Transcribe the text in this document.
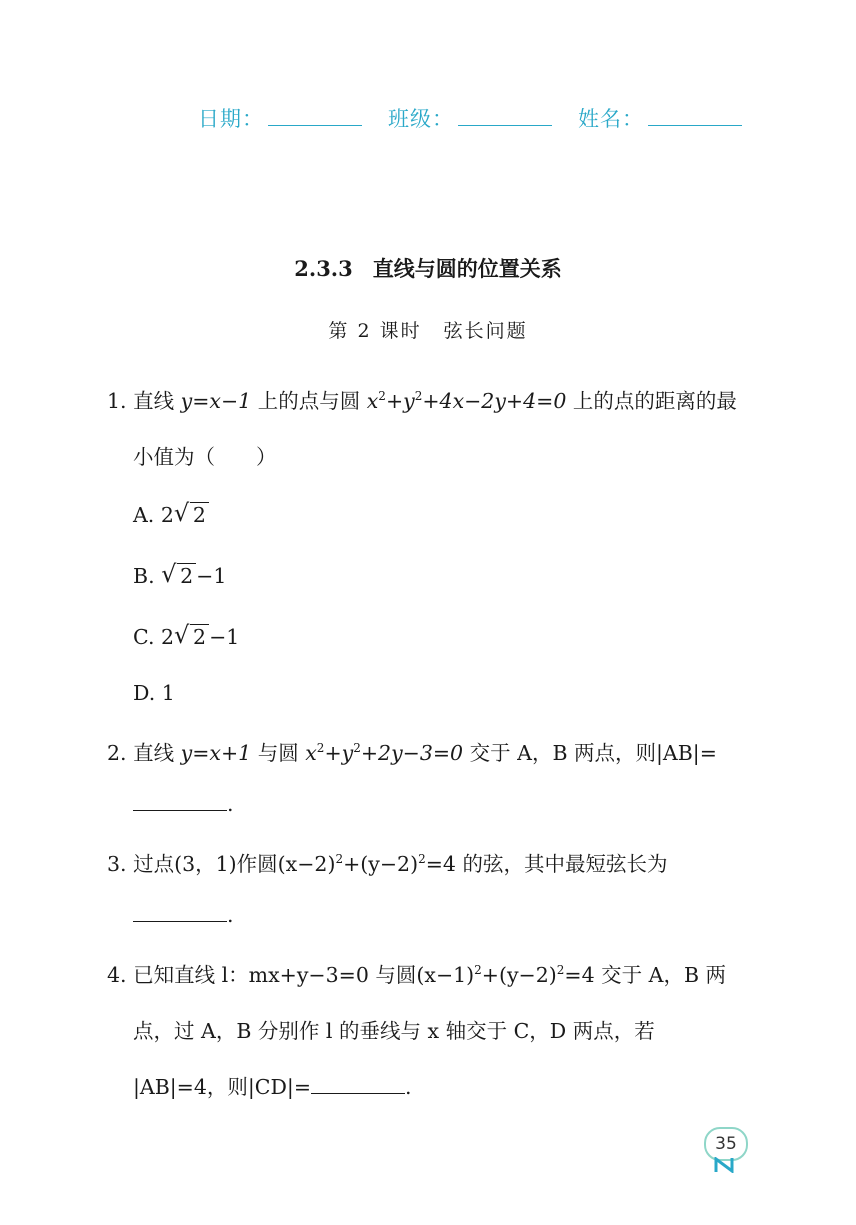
日期：	班级：	姓名：
2.3.3 直线与圆的位置关系
第 2 课时 弦长问题
1. 直线 y=x−1 上的点与圆 $x^2+y^2+4x-2y+4=0$ 上的点的距离的最
小值为（　　）
A. 2 √ 2
B. √ 2 −1
C. 2 √ 2 −1
D. 1
2. 直线 y=x+1 与圆 $x^2+y^2+2y-3=0$ 交于 A，B 两点，则|AB|=
.
3. 过点(3，1)作圆$(x-2)^2+(y-2)^2=4$ 的弦，其中最短弦长为
.
4. 已知直线 l：mx+y−3=0 与圆$(x-1)^2+(y-2)^2=4$ 交于 A，B 两
点，过 A，B 分别作 l 的垂线与 x 轴交于 C，D 两点，若
|AB|=4，则|CD|=	.
35
